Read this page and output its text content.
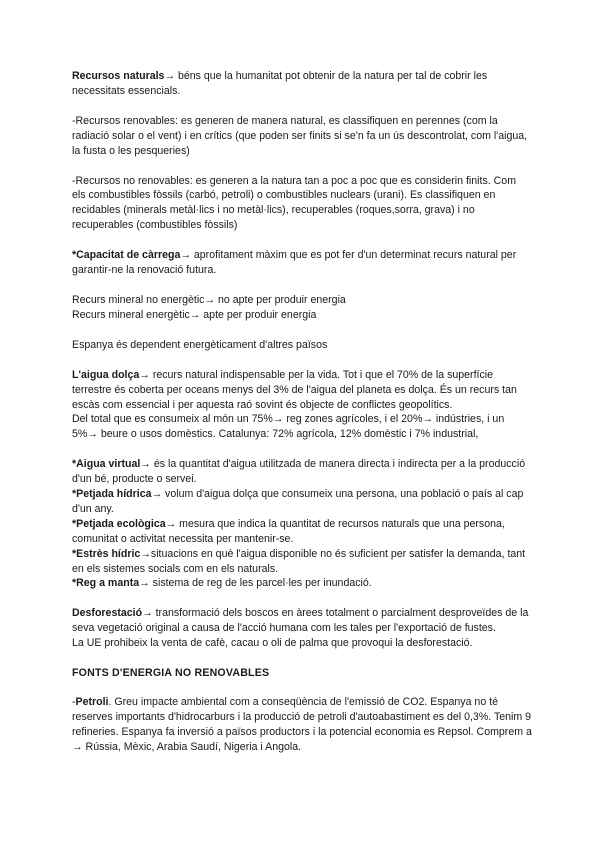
Recursos naturals→ béns que la humanitat pot obtenir de la natura per tal de cobrir les necessitats essencials.

-Recursos renovables: es generen de manera natural, es classifiquen en perennes (com la radiació solar o el vent) i en crítics (que poden ser finits si se'n fa un ús descontrolat, com l'aigua, la fusta o les pesqueries)

-Recursos no renovables: es generen a la natura tan a poc a poc que es considerin finits. Com els combustibles fòssils (carbó, petroli) o combustibles nuclears (urani). Es classifiquen en recidables (minerals metàl·lics i no metàl·lics), recuperables (roques,sorra, grava) i no recuperables (combustibles fòssils)

*Capacitat de càrrega→ aprofitament màxim que es pot fer d'un determinat recurs natural per garantir-ne la renovació futura.

Recurs mineral no energètic→ no apte per produir energia

Recurs mineral energètic→ apte per produir energia

Espanya és dependent energèticament d'altres països

L'aigua dolça→ recurs natural indispensable per la vida. Tot i que el 70% de la superfície terrestre és coberta per oceans menys del 3% de l'aigua del planeta es dolça. És un recurs tan escàs com essencial i per aquesta raó sovint és objecte de conflictes geopolítics.

Del total que es consumeix al món un 75%→ reg zones agrícoles, i el 20%→ indústries, i un 5%→ beure o usos domèstics. Catalunya: 72% agrícola, 12% domèstic i 7% industrial,

*Aigua virtual→ és la quantitat d'aigua utilitzada de manera directa i indirecta per a la producció d'un bé, producte o servei.

*Petjada hídrica→ volum d'aigua dolça que consumeix una persona, una població o país al cap d'un any.

*Petjada ecològica→ mesura que indica la quantitat de recursos naturals que una persona, comunitat o activitat necessita per mantenir-se.

*Estrès hídric→situacions en què l'aigua disponible no és suficient per satisfer la demanda, tant en els sistemes socials com en els naturals.

*Reg a manta→ sistema de reg de les parcel·les per inundació.

Desforestació→ transformació dels boscos en àrees totalment o parcialment desproveïdes de la seva vegetació original a causa de l'acció humana com les tales per l'exportació de fustes.

La UE prohibeix la venta de cafè, cacau o oli de palma que provoqui la desforestació.

FONTS D'ENERGIA NO RENOVABLES

-Petroli. Greu impacte ambiental com a conseqüència de l'emissió de CO2. Espanya no té reserves importants d'hidrocarburs i la producció de petroli d'autoabastiment es del 0,3%. Tenim 9 refineries. Espanya fa inversió a països productors i la potencial economia es Repsol. Comprem a → Rússia, Mèxic, Arabia Saudí, Nigeria i Angola.
